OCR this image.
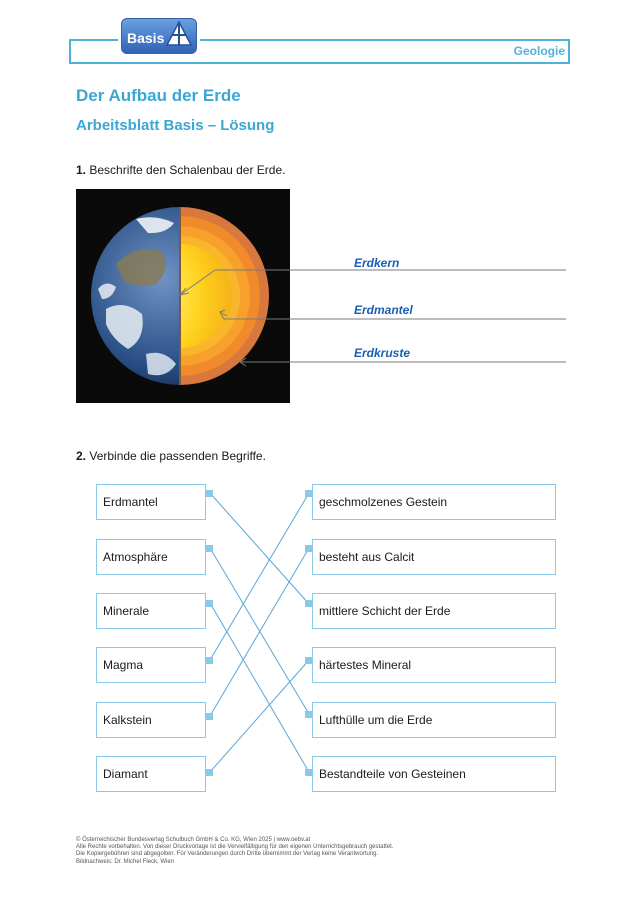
Basis
Geologie
Der Aufbau der Erde
Arbeitsblatt Basis – Lösung
1. Beschrifte den Schalenbau der Erde.
Erdkern
Erdmantel
Erdkruste
2. Verbinde die passenden Begriffe.
Erdmantel
Atmosphäre
Minerale
Magma
Kalkstein
Diamant
geschmolzenes Gestein
besteht aus Calcit
mittlere Schicht der Erde
härtestes Mineral
Lufthülle um die Erde
Bestandteile von Gesteinen
© Österreichischer Bundesverlag Schulbuch GmbH & Co. KG, Wien 2025 | www.oebv.at
Alle Rechte vorbehalten. Von dieser Druckvorlage ist die Vervielfältigung für den eigenen Unterrichtsgebrauch gestattet.
Die Kopiergebühren sind abgegolten. Für Veränderungen durch Dritte übernimmt der Verlag keine Verantwortung.
Bildnachweis: Dr. Michel Fleck, Wien
